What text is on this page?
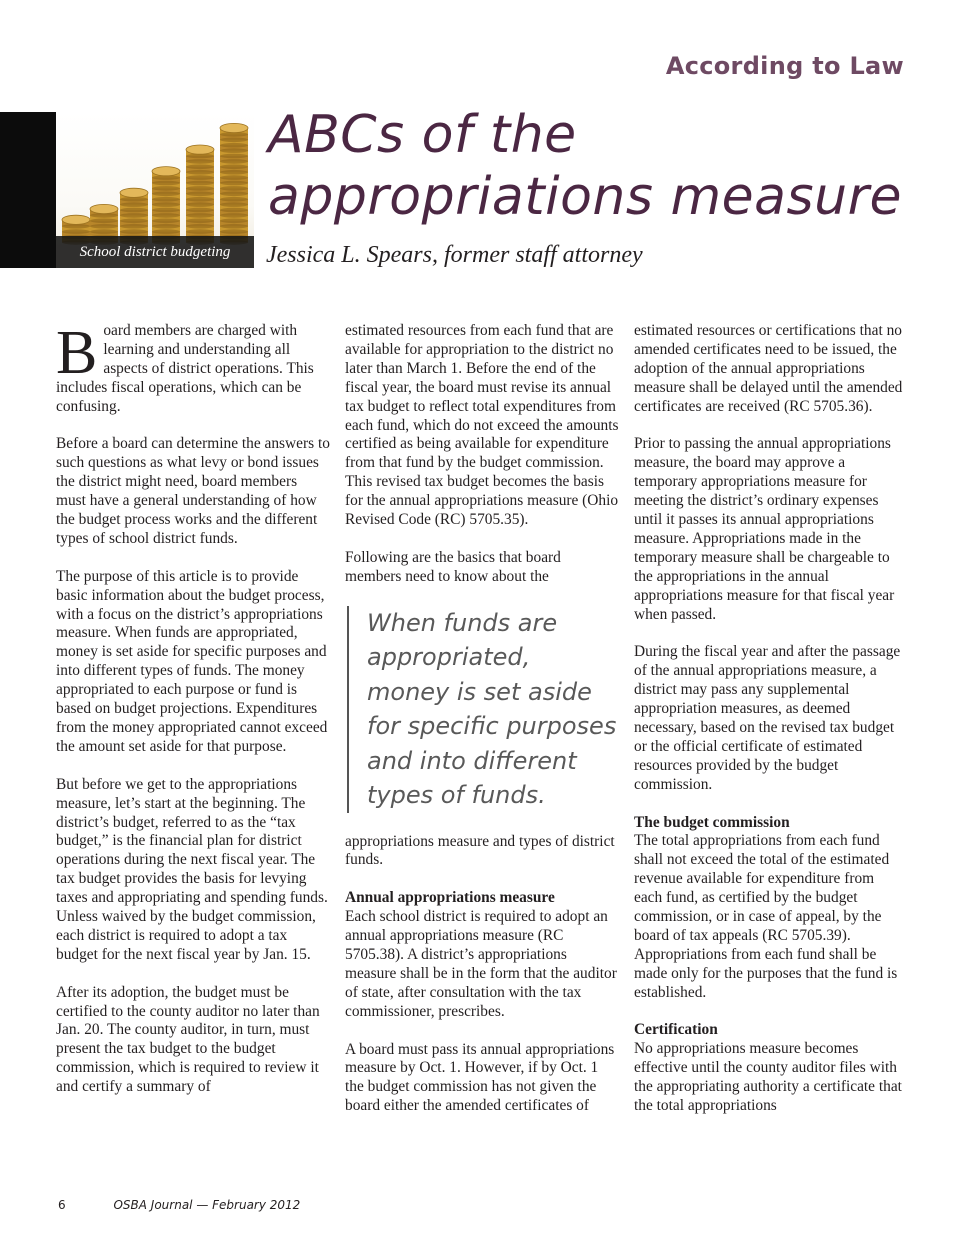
According to Law
School district budgeting
ABCs of the
appropriations measure
Jessica L. Spears, former staff attorney

Board members are charged with learning and understanding all aspects of district operations. This includes fiscal operations, which can be confusing.

Before a board can determine the answers to such questions as what levy or bond issues the district might need, board members must have a general understanding of how the budget process works and the different types of school district funds.

The purpose of this article is to provide basic information about the budget process, with a focus on the district’s appropriations measure. When funds are appropriated, money is set aside for specific purposes and into different types of funds. The money appropriated to each purpose or fund is based on budget projections. Expenditures from the money appropriated cannot exceed the amount set aside for that purpose.

But before we get to the appropriations measure, let’s start at the beginning. The district’s budget, referred to as the “tax budget,” is the financial plan for district operations during the next fiscal year. The tax budget provides the basis for levying taxes and appropriating and spending funds. Unless waived by the budget commission, each district is required to adopt a tax budget for the next fiscal year by Jan. 15.

After its adoption, the budget must be certified to the county auditor no later than Jan. 20. The county auditor, in turn, must present the tax budget to the budget commission, which is required to review it and certify a summary of

estimated resources from each fund that are available for appropriation to the district no later than March 1. Before the end of the fiscal year, the board must revise its annual tax budget to reflect total expenditures from each fund, which do not exceed the amounts certified as being available for expenditure from that fund by the budget commission. This revised tax budget becomes the basis for the annual appropriations measure (Ohio Revised Code (RC) 5705.35).

Following are the basics that board members need to know about the

When funds are appropriated, money is set aside for specific purposes and into different types of funds.

appropriations measure and types of district funds.

Annual appropriations measure
Each school district is required to adopt an annual appropriations measure (RC 5705.38). A district’s appropriations measure shall be in the form that the auditor of state, after consultation with the tax commissioner, prescribes.

A board must pass its annual appropriations measure by Oct. 1. However, if by Oct. 1 the budget commission has not given the board either the amended certificates of

estimated resources or certifications that no amended certificates need to be issued, the adoption of the annual appropriations measure shall be delayed until the amended certificates are received (RC 5705.36).

Prior to passing the annual appropriations measure, the board may approve a temporary appropriations measure for meeting the district’s ordinary expenses until it passes its annual appropriations measure. Appropriations made in the temporary measure shall be chargeable to the appropriations in the annual appropriations measure for that fiscal year when passed.

During the fiscal year and after the passage of the annual appropriations measure, a district may pass any supplemental appropriation measures, as deemed necessary, based on the revised tax budget or the official certificate of estimated resources provided by the budget commission.

The budget commission
The total appropriations from each fund shall not exceed the total of the estimated revenue available for expenditure from each fund, as certified by the budget commission, or in case of appeal, by the board of tax appeals (RC 5705.39). Appropriations from each fund shall be made only for the purposes that the fund is established.

Certification
No appropriations measure becomes effective until the county auditor files with the appropriating authority a certificate that the total appropriations

6	OSBA Journal — February 2012
